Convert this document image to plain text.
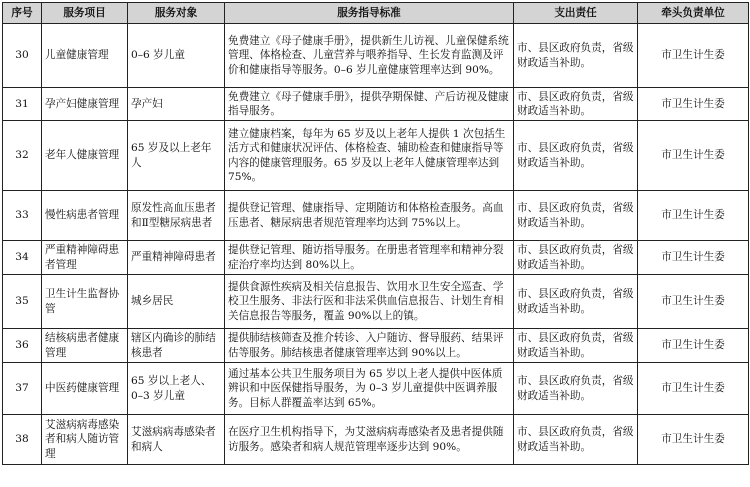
序号	服务项目	服务对象	服务指导标准	支出责任	牵头负责单位
30	儿童健康管理	0–6 岁儿童	免费建立《母子健康手册》，提供新生儿访视、儿童保健系统管理、体格检查、儿童营养与喂养指导、生长发育监测及评价和健康指导等服务。0–6 岁儿童健康管理率达到 90%。	市、县区政府负责，省级财政适当补助。	市卫生计生委
31	孕产妇健康管理	孕产妇	免费建立《母子健康手册》，提供孕期保健、产后访视及健康指导服务。	市、县区政府负责，省级财政适当补助。	市卫生计生委
32	老年人健康管理	65 岁及以上老年人	建立健康档案，每年为 65 岁及以上老年人提供 1 次包括生活方式和健康状况评估、体格检查、辅助检查和健康指导等内容的健康管理服务。65 岁及以上老年人健康管理率达到 75%。	市、县区政府负责，省级财政适当补助。	市卫生计生委
33	慢性病患者管理	原发性高血压患者和Ⅱ型糖尿病患者	提供登记管理、健康指导、定期随访和体格检查服务。高血压患者、糖尿病患者规范管理率均达到 75%以上。	市、县区政府负责，省级财政适当补助。	市卫生计生委
34	严重精神障碍患者管理	严重精神障碍患者	提供登记管理、随访指导服务。在册患者管理率和精神分裂症治疗率均达到 80%以上。	市、县区政府负责，省级财政适当补助。	市卫生计生委
35	卫生计生监督协管	城乡居民	提供食源性疾病及相关信息报告、饮用水卫生安全巡查、学校卫生服务、非法行医和非法采供血信息报告、计划生育相关信息报告等服务，覆盖 90%以上的镇。	市、县区政府负责，省级财政适当补助。	市卫生计生委
36	结核病患者健康管理	辖区内确诊的肺结核患者	提供肺结核筛查及推介转诊、入户随访、督导服药、结果评估等服务。肺结核患者健康管理率达到 90%以上。	市、县区政府负责，省级财政适当补助。	市卫生计生委
37	中医药健康管理	65 岁以上老人、0–3 岁儿童	通过基本公共卫生服务项目为 65 岁以上老人提供中医体质辨识和中医保健指导服务，为 0–3 岁儿童提供中医调养服务。目标人群覆盖率达到 65%。	市、县区政府负责，省级财政适当补助。	市卫生计生委
38	艾滋病病毒感染者和病人随访管理	艾滋病病毒感染者和病人	在医疗卫生机构指导下，为艾滋病病毒感染者及患者提供随访服务。感染者和病人规范管理率逐步达到 90%。	市、县区政府负责，省级财政适当补助。	市卫生计生委
